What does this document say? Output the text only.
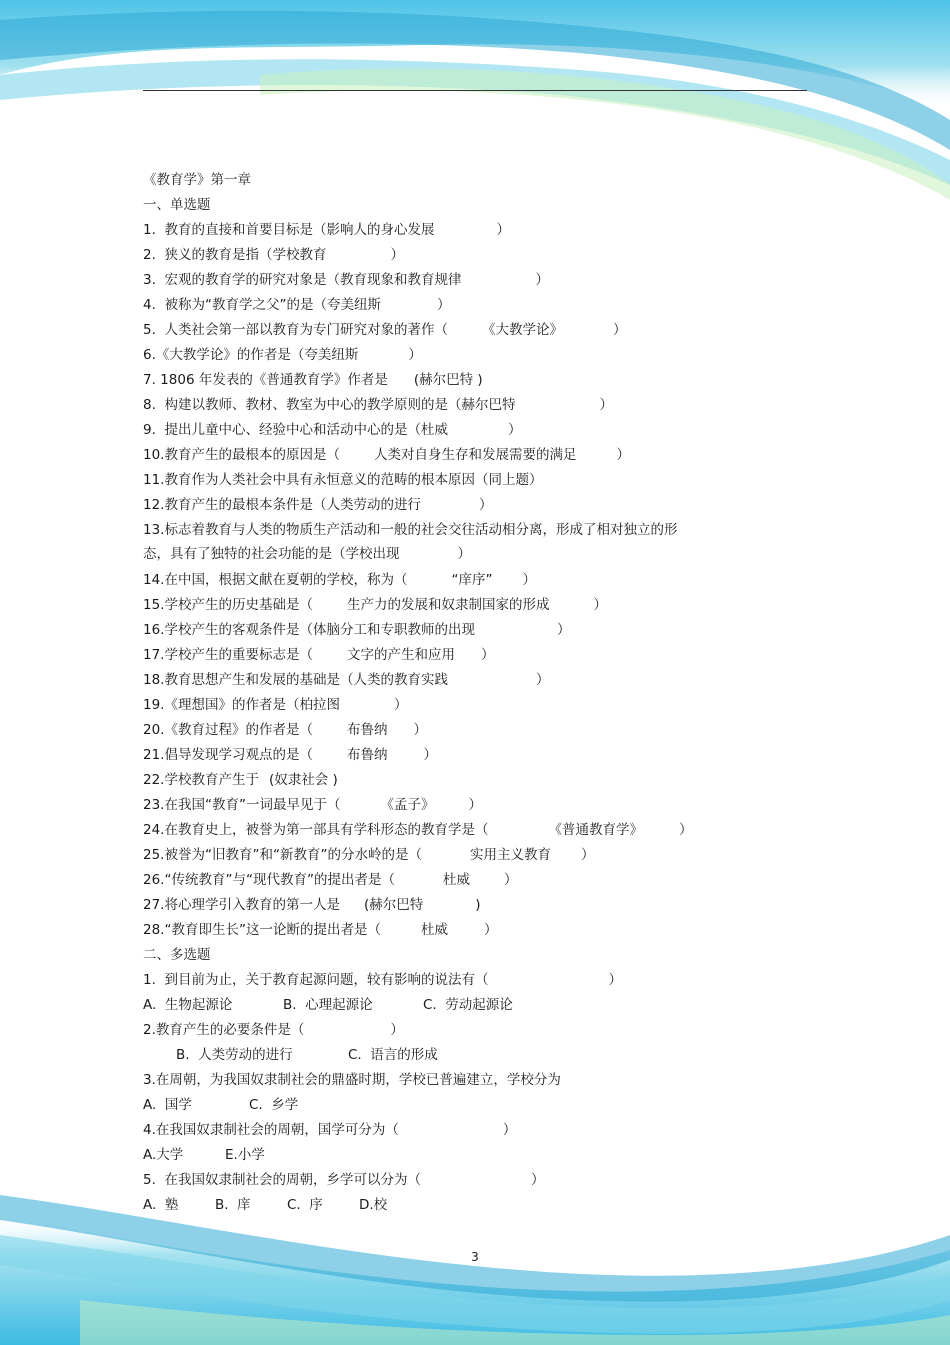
《教育学》第一章
一、单选题
1.  教育的直接和首要目标是（影响人的身心发展	）
2.  狭义的教育是指（学校教育	）
3.  宏观的教育学的研究对象是（教育现象和教育规律	）
4.  被称为“教育学之父”的是（夸美纽斯	）
5.  人类社会第一部以教育为专门研究对象的著作（	《大教学论》	）
6.《大教学论》的作者是（夸美纽斯	）
7. 1806 年发表的《普通教育学》作者是 (赫尔巴特 )
8.  构建以教师、教材、教室为中心的教学原则的是（赫尔巴特	）
9.  提出儿童中心、经验中心和活动中心的是（杜威	）
10.教育产生的最根本的原因是（	人类对自身生存和发展需要的满足	）
11.教育作为人类社会中具有永恒意义的范畴的根本原因（同上题）
12.教育产生的最根本条件是（人类劳动的进行	）
13.标志着教育与人类的物质生产活动和一般的社会交往活动相分离，形成了相对独立的形
态，具有了独特的社会功能的是（学校出现	）
14.在中国，根据文献在夏朝的学校，称为（	“庠序” ）
15.学校产生的历史基础是（	生产力的发展和奴隶制国家的形成	）
16.学校产生的客观条件是（体脑分工和专职教师的出现	）
17.学校产生的重要标志是（	文字的产生和应用 ）
18.教育思想产生和发展的基础是（人类的教育实践	）
19.《理想国》的作者是（柏拉图	）
20.《教育过程》的作者是（	布鲁纳 ）
21.倡导发现学习观点的是（	布鲁纳	）
22.学校教育产生于 (奴隶社会 )
23.在我国“教育”一词最早见于（	《孟子》	）
24.在教育史上，被誉为第一部具有学科形态的教育学是（	《普通教育学》	）
25.被誉为“旧教育”和“新教育”的分水岭的是（	实用主义教育 ）
26.“传统教育”与“现代教育”的提出者是（	杜威	）
27.将心理学引入教育的第一人是 (赫尔巴特	)
28.“教育即生长”这一论断的提出者是（	杜威	）
二、多选题
1.  到目前为止，关于教育起源问题，较有影响的说法有（	）
A.  生物起源论	B.  心理起源论	C.  劳动起源论
2.教育产生的必要条件是（	）
B.  人类劳动的进行	C.  语言的形成
3.在周朝，为我国奴隶制社会的鼎盛时期，学校已普遍建立，学校分为
A.  国学	C.  乡学
4.在我国奴隶制社会的周朝，国学可分为（	）
A.大学	E.小学
5.  在我国奴隶制社会的周朝，乡学可以分为（	）
A.  塾	B.  庠	C.  序	D.校
3
